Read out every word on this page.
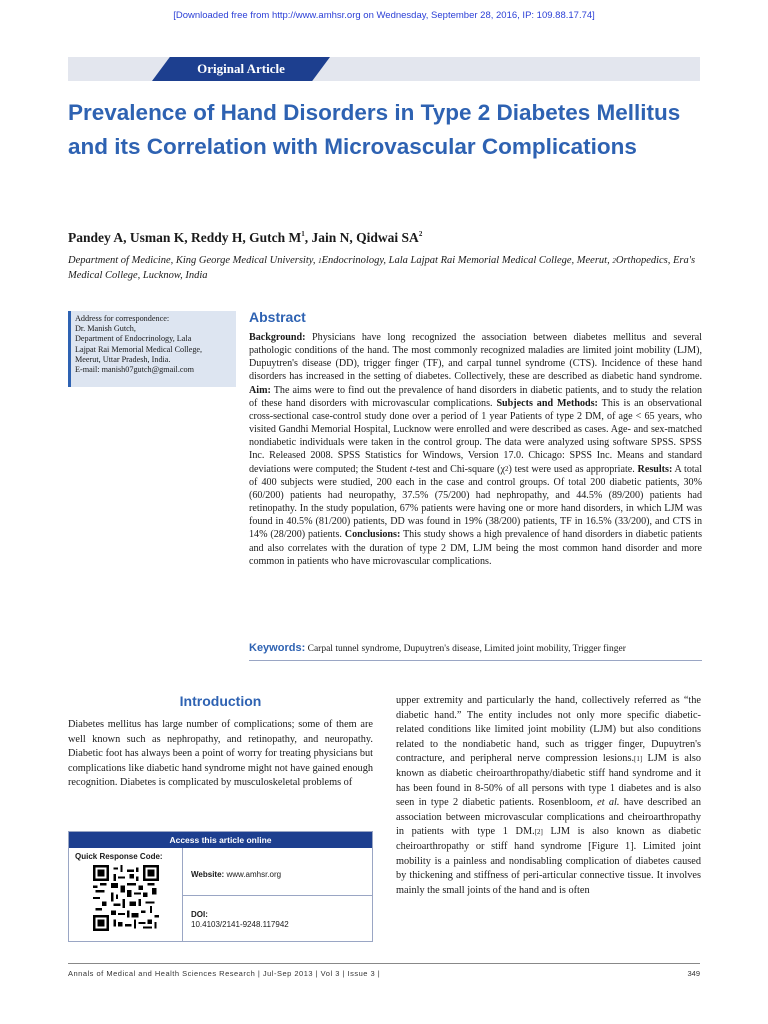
[Downloaded free from http://www.amhsr.org on Wednesday, September 28, 2016, IP: 109.88.17.74]
Original Article
Prevalence of Hand Disorders in Type 2 Diabetes Mellitus and its Correlation with Microvascular Complications
Pandey A, Usman K, Reddy H, Gutch $M^1$, Jain N, Qidwai $SA^2$
Department of Medicine, King George Medical University, $^1$Endocrinology, Lala Lajpat Rai Memorial Medical College, Meerut, $^2$Orthopedics, Era's Medical College, Lucknow, India
Address for correspondence:
Dr. Manish Gutch,
Department of Endocrinology, Lala
Lajpat Rai Memorial Medical College,
Meerut, Uttar Pradesh, India.
E-mail: manish07gutch@gmail.com
Abstract

Background: Physicians have long recognized the association between diabetes mellitus and several pathologic conditions of the hand. The most commonly recognized maladies are limited joint mobility (LJM), Dupuytren's disease (DD), trigger finger (TF), and carpal tunnel syndrome (CTS). Incidence of these hand disorders has increased in the setting of diabetes. Collectively, these are described as diabetic hand syndrome. Aim: The aims were to find out the prevalence of hand disorders in diabetic patients, and to study the relation of these hand disorders with microvascular complications. Subjects and Methods: This is an observational cross-sectional case-control study done over a period of 1 year Patients of type 2 DM, of age < 65 years, who visited Gandhi Memorial Hospital, Lucknow were enrolled and were described as cases. Age- and sex-matched nondiabetic individuals were taken in the control group. The data were analyzed using software SPSS. SPSS Inc. Released 2008. SPSS Statistics for Windows, Version 17.0. Chicago: SPSS Inc. Means and standard deviations were computed; the Student t-test and Chi-square $(\chi^2)$ test were used as appropriate. Results: A total of 400 subjects were studied, 200 each in the case and control groups. Of total 200 diabetic patients, 30% (60/200) patients had neuropathy, 37.5% (75/200) had nephropathy, and 44.5% (89/200) patients had retinopathy. In the study population, 67% patients were having one or more hand disorders, in which LJM was found in 40.5% (81/200) patients, DD was found in 19% (38/200) patients, TF in 16.5% (33/200), and CTS in 14% (28/200) patients. Conclusions: This study shows a high prevalence of hand disorders in diabetic patients and also correlates with the duration of type 2 DM, LJM being the most common hand disorder and more common in patients who have microvascular complications.

Keywords: Carpal tunnel syndrome, Dupuytren's disease, Limited joint mobility, Trigger finger
Introduction

Diabetes mellitus has large number of complications; some of them are well known such as nephropathy, and retinopathy, and neuropathy. Diabetic foot has always been a point of worry for treating physicians but complications like diabetic hand syndrome might not have gained enough recognition. Diabetes is complicated by musculoskeletal problems of

Access this article online
Quick Response Code:
Website: www.amhsr.org
DOI:
10.4103/2141-9248.117942

upper extremity and particularly the hand, collectively referred as “the diabetic hand.” The entity includes not only more specific diabetic-related conditions like limited joint mobility (LJM) but also conditions related to the nondiabetic hand, such as trigger finger, Dupuytren's contracture, and peripheral nerve compression lesions.[1] LJM is also known as diabetic cheiroarthropathy/diabetic stiff hand syndrome and it has been found in 8-50% of all persons with type 1 diabetes and is also seen in type 2 diabetic patients. Rosenbloom, et al. have described an association between microvascular complications and cheiroarthropathy in patients with type 1 DM.[2] LJM is also known as diabetic cheiroarthropathy or stiff hand syndrome [Figure 1]. Limited joint mobility is a painless and nondisabling complication of diabetes caused by thickening and stiffness of peri-articular connective tissue. It involves mainly the small joints of the hand and is often

Annals of Medical and Health Sciences Research | Jul-Sep 2013 | Vol 3 | Issue 3 |	349
